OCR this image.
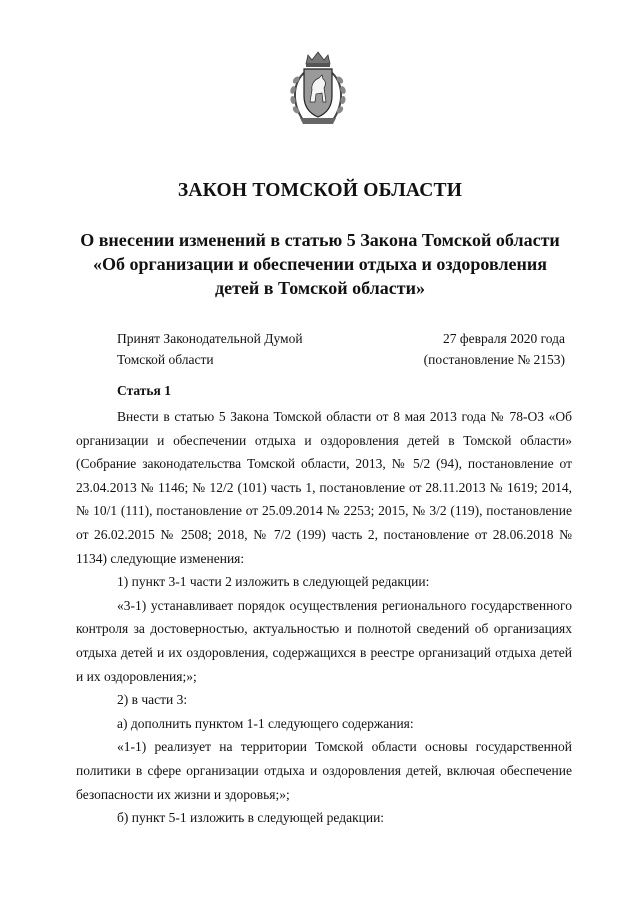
ЗАКОН ТОМСКОЙ ОБЛАСТИ
О внесении изменений в статью 5 Закона Томской области «Об организации и обеспечении отдыха и оздоровления детей в Томской области»
Принят Законодательной Думой
Томской области
27 февраля 2020 года
(постановление № 2153)
Статья 1

Внести в статью 5 Закона Томской области от 8 мая 2013 года № 78-ОЗ «Об организации и обеспечении отдыха и оздоровления детей в Томской области» (Собрание законодательства Томской области, 2013, № 5/2 (94), постановление от 23.04.2013 № 1146; № 12/2 (101) часть 1, постановление от 28.11.2013 № 1619; 2014, № 10/1 (111), постановление от 25.09.2014 № 2253; 2015, № 3/2 (119), постановление от 26.02.2015 № 2508; 2018, № 7/2 (199) часть 2, постановление от 28.06.2018 № 1134) следующие изменения:

1) пункт 3-1 части 2 изложить в следующей редакции:

«3-1) устанавливает порядок осуществления регионального государственного контроля за достоверностью, актуальностью и полнотой сведений об организациях отдыха детей и их оздоровления, содержащихся в реестре организаций отдыха детей и их оздоровления;»;

2) в части 3:

а) дополнить пунктом 1-1 следующего содержания:

«1-1) реализует на территории Томской области основы государственной политики в сфере организации отдыха и оздоровления детей, включая обеспечение безопасности их жизни и здоровья;»;

б) пункт 5-1 изложить в следующей редакции:
